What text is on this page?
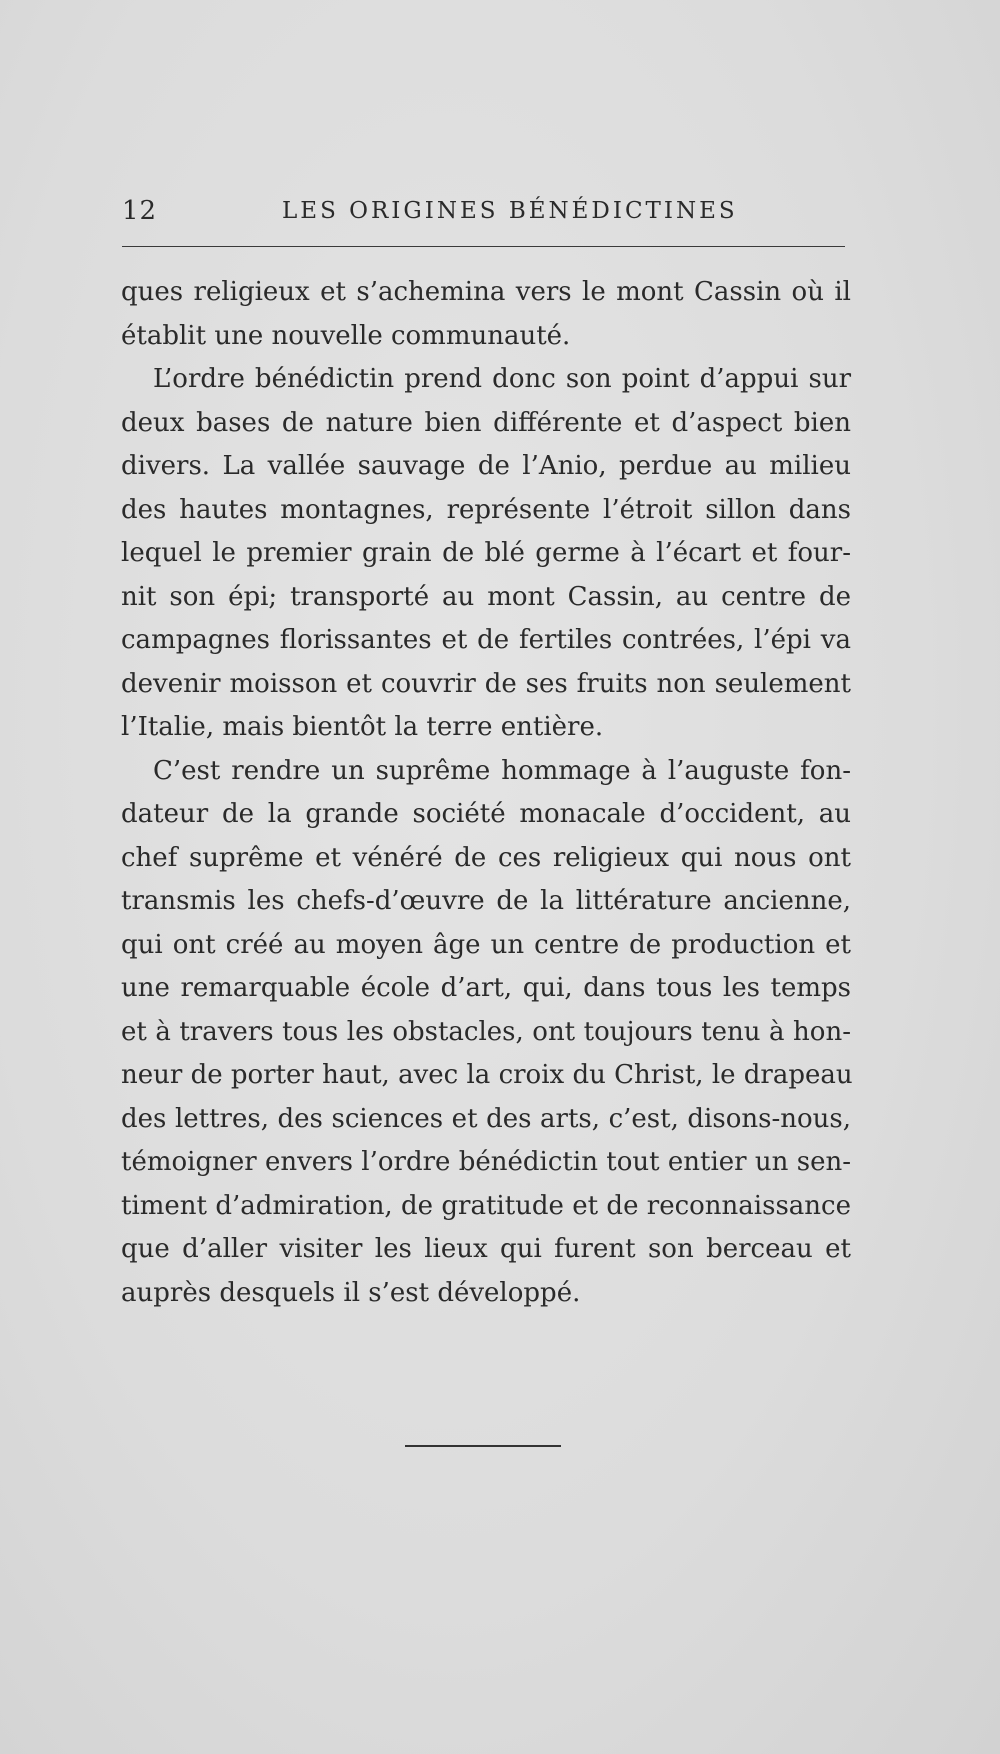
12	LES ORIGINES BÉNÉDICTINES
ques religieux et s’achemina vers le mont Cassin où il
établit une nouvelle communauté.
L’ordre bénédictin prend donc son point d’appui sur
deux bases de nature bien différente et d’aspect bien
divers. La vallée sauvage de l’Anio, perdue au milieu
des hautes montagnes, représente l’étroit sillon dans
lequel le premier grain de blé germe à l’écart et four-
nit son épi; transporté au mont Cassin, au centre de
campagnes florissantes et de fertiles contrées, l’épi va
devenir moisson et couvrir de ses fruits non seulement
l’Italie, mais bientôt la terre entière.
C’est rendre un suprême hommage à l’auguste fon-
dateur de la grande société monacale d’occident, au
chef suprême et vénéré de ces religieux qui nous ont
transmis les chefs-d’œuvre de la littérature ancienne,
qui ont créé au moyen âge un centre de production et
une remarquable école d’art, qui, dans tous les temps
et à travers tous les obstacles, ont toujours tenu à hon-
neur de porter haut, avec la croix du Christ, le drapeau
des lettres, des sciences et des arts, c’est, disons-nous,
témoigner envers l’ordre bénédictin tout entier un sen-
timent d’admiration, de gratitude et de reconnaissance
que d’aller visiter les lieux qui furent son berceau et
auprès desquels il s’est développé.
